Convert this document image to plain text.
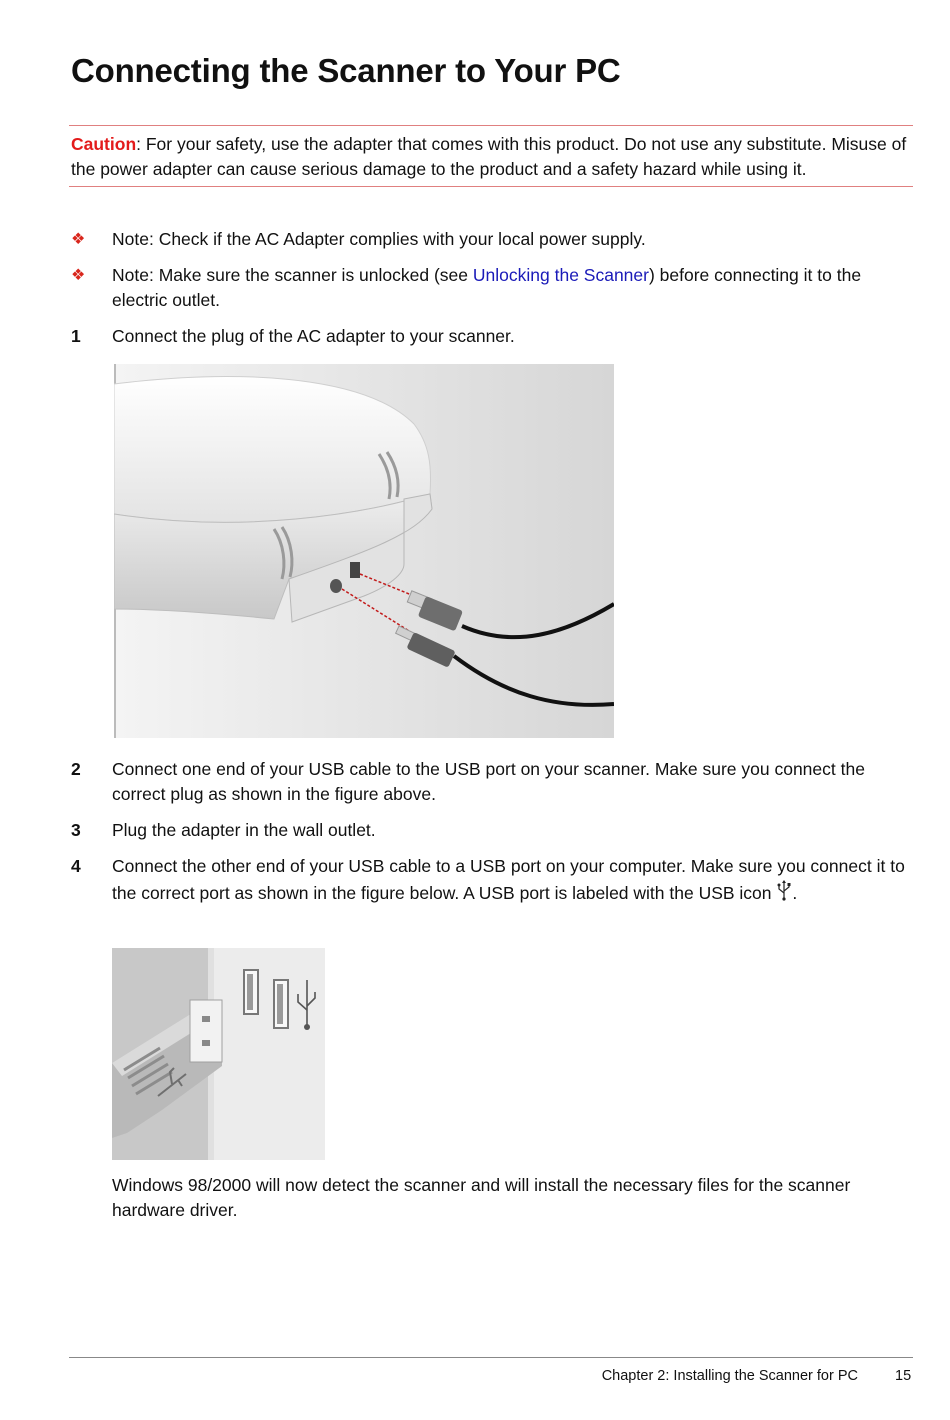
Connecting the Scanner to Your PC
Caution: For your safety, use the adapter that comes with this product. Do not use any substitute. Misuse of the power adapter can cause serious damage to the product and a safety hazard while using it.
❖ Note: Check if the AC Adapter complies with your local power supply.
❖ Note: Make sure the scanner is unlocked (see Unlocking the Scanner) before connecting it to the electric outlet.
1 Connect the plug of the AC adapter to your scanner.
2 Connect one end of your USB cable to the USB port on your scanner. Make sure you connect the correct plug as shown in the figure above.
3 Plug the adapter in the wall outlet.
4 Connect the other end of your USB cable to a USB port on your computer. Make sure you connect it to the correct port as shown in the figure below. A USB port is labeled with the USB icon .
Windows 98/2000 will now detect the scanner and will install the necessary files for the scanner hardware driver.
Chapter 2: Installing the Scanner for PC	15
